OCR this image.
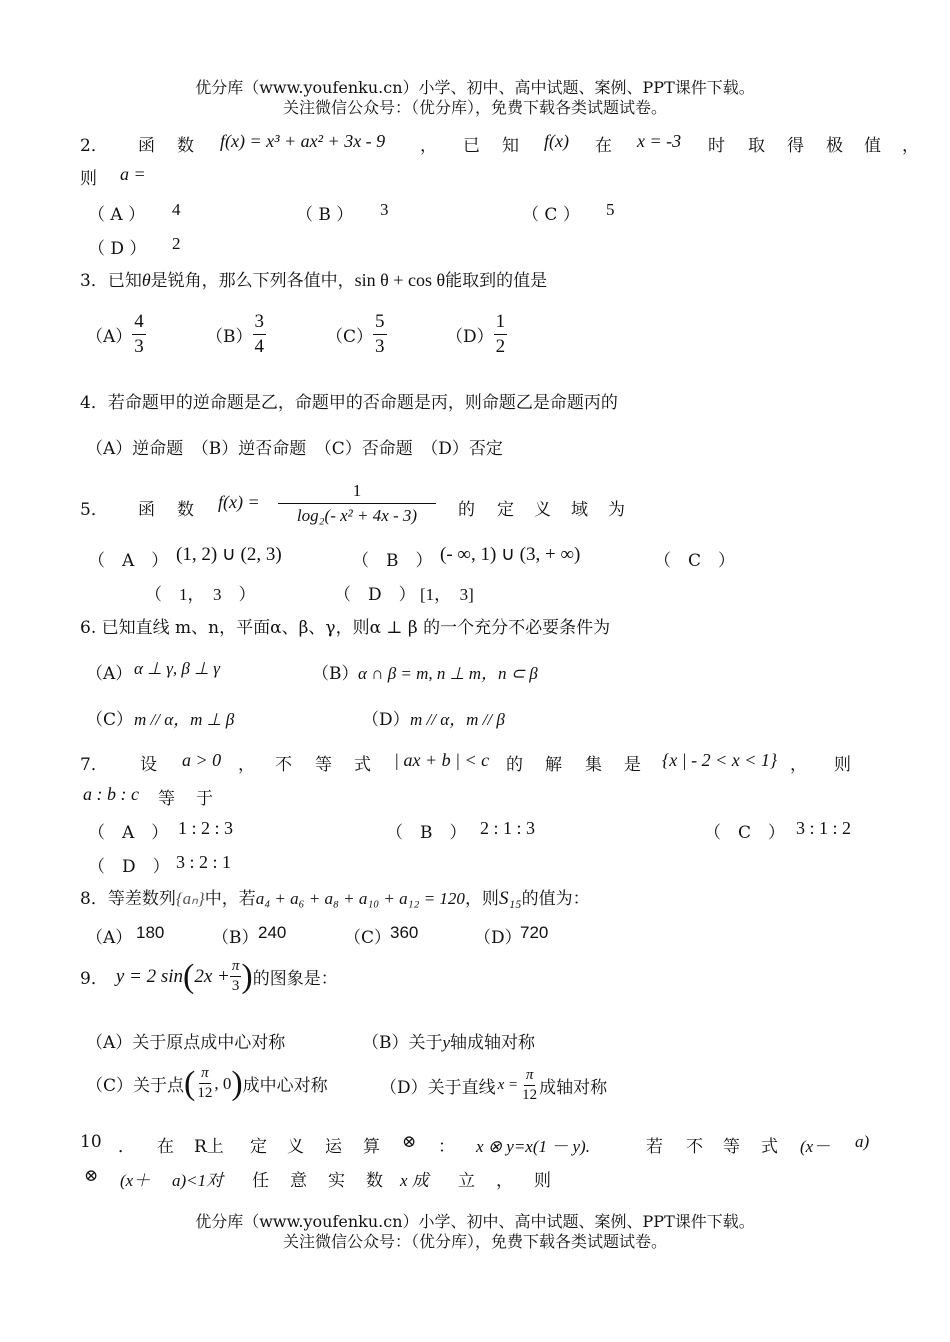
优分库（www.youfenku.cn）小学、初中、高中试题、案例、PPT课件下载。
关注微信公众号：（优分库），免费下载各类试题试卷。
2． 函 数 f(x) = x³ + ax² + 3x - 9 ， 已 知 f(x) 在 x = -3 时 取 得 极 值 ，
则 a =
（ A ） 4	（ B ） 3	（ C ） 5
（ D ） 2
3．已知θ是锐角，那么下列各值中，sin θ + cos θ能取到的值是
$(A) \frac{4}{3}$	$(B) \frac{3}{4}$	$(C) \frac{5}{3}$	$(D) \frac{1}{2}$
4．若命题甲的逆命题是乙，命题甲的否命题是丙，则命题乙是命题丙的
（A）逆命题　（B）逆否命题　（C）否命题　（D）否定
5． 函 数 $f(x) = \frac{1}{\text{log₂(- x² + 4x - 3)}}$ 的 定 义 域 为
（　A　） (1, 2) ∪ (2, 3)	（　B　） (- ∞, 1) ∪ (3, + ∞)	（　C　）
（　1，　3　）	（　D　） [1，　3]
6. 已知直线 m、n，平面α、β、γ，则α ⊥ β 的一个充分不必要条件为
（A） α ⊥ γ, β ⊥ γ	（B） α ∩ β = m, n ⊥ m，n ⊂ β
（C） m // α，m ⊥ β	（D） m // α，m // β
7． 设 a > 0 ， 不 等 式 | ax + b | < c 的 解 集 是 {x | - 2 < x < 1} ， 则
a : b : c 等　于
（　A　） 1 : 2 : 3	（　B　） 2 : 1 : 3	（　C　） 3 : 1 : 2
（　D　） 3 : 2 : 1
8．等差数列{aₙ}中，若a₄ + a₆ + a₈ + a₁₀ + a₁₂ = 120，则S₁₅的值为：
（A） 180	（B） 240	（C）
360	（D）
720
9． y = 2 sin ( $2x + \frac{\pi}{3}$ ) 的图象是：
（A）关于原点成中心对称	（B）关于y轴成轴对称
（C）关于点 ( $\frac{\pi}{12}$ , 0 ) 成中心对称	（D）关于直线 $x = \frac{\pi}{12}$ 成轴对称
10 ． 在 R上 定 义 运 算 ⊗ ： x ⊗ y=x(1 － y).	若 不 等 式 (x－ a)
⊗ (x＋ a)<1对 任 意 实 数 x 成 立 ， 则
优分库（www.youfenku.cn）小学、初中、高中试题、案例、PPT课件下载。
关注微信公众号：（优分库），免费下载各类试题试卷。
